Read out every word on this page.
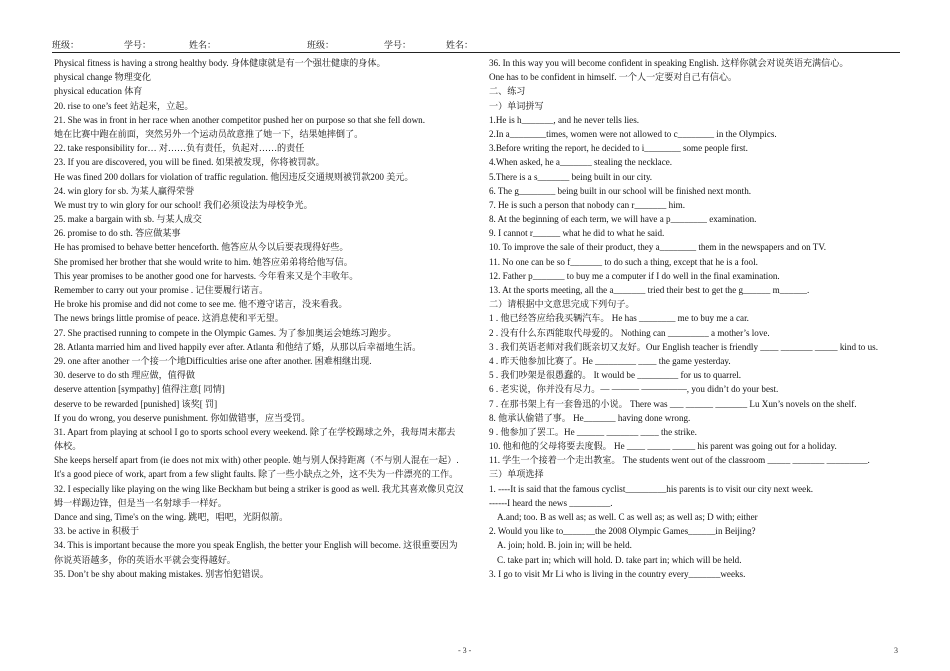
班级：	学号：	姓名：	班级：	学号：	姓名：
Physical fitness is having a strong healthy body. 身体健康就是有一个强壮健康的身体。
physical change 物理变化
physical education 体育
20. rise to one’s feet 站起来，立起。
21. She was in front in her race when another competitor pushed her on purpose so that she fell down.
她在比赛中跑在前面，突然另外一个运动员故意推了她一下，结果她摔倒了。
22. take responsibility for… 对……负有责任，负起对……的责任
23. If you are discovered, you will be fined. 如果被发现，你将被罚款。
He was fined 200 dollars for violation of traffic regulation. 他因违反交通规则被罚款200 美元。
24. win glory for sb. 为某人赢得荣誉
We must try to win glory for our school! 我们必须设法为母校争光。
25. make a bargain with sb. 与某人成交
26. promise to do sth. 答应做某事
He has promised to behave better henceforth. 他答应从今以后要表现得好些。
She promised her brother that she would write to him. 她答应弟弟将给他写信。
This year promises to be another good one for harvests. 今年看来又是个丰收年。
Remember to carry out your promise . 记住要履行诺言。
He broke his promise and did not come to see me. 他不遵守诺言，没来看我。
The news brings little promise of peace. 这消息使和平无望。
27. She practised running to compete in the Olympic Games. 为了参加奥运会她练习跑步。
28. Atlanta married him and lived happily ever after. Atlanta 和他结了婚，从那以后幸福地生活。
29. one after another 一个接一个地Difficulties arise one after another. 困难相继出现.
30. deserve to do sth 理应做，值得做
deserve attention [sympathy] 值得注意[ 同情]
deserve to be rewarded [punished] 该奖[ 罚]
If you do wrong, you deserve punishment. 你如做错事，应当受罚。
31. Apart from playing at school I go to sports school every weekend. 除了在学校踢球之外，我每周末都去体校。
She keeps herself apart from (ie does not mix with) other people. 她与别人保持距离（不与别人混在一起）.
It's a good piece of work, apart from a few slight faults. 除了一些小缺点之外，这不失为一件漂亮的工作。
32. I especially like playing on the wing like Beckham but being a striker is good as well. 我尤其喜欢像贝克汉姆一样踢边锋，但是当一名射球手一样好。
Dance and sing, Time's on the wing. 跳吧，唱吧，光阴似箭。
33. be active in 积极于
34. This is important because the more you speak English, the better your English will become. 这很重要因为你说英语越多，你的英语水平就会变得越好。
35. Don’t be shy about making mistakes. 别害怕犯错误。
36. In this way you will become confident in speaking English. 这样你就会对说英语充满信心。
One has to be confident in himself. 一个人一定要对自己有信心。
二、练习
一）单词拼写
1.He is h_______, and he never tells lies.
2.In a________times, women were not allowed to c________ in the Olympics.
3.Before writing the report, he decided to i________ some people first.
4.When asked, he a_______ stealing the necklace.
5.There is a s_______ being built in our city.
6. The g________ being built in our school will be finished next month.
7. He is such a person that nobody can r_______ him.
8. At the beginning of each term, we will have a p________ examination.
9. I cannot r______ what he did to what he said.
10. To improve the sale of their product, they a________ them in the newspapers and on TV.
11. No one can be so f_______ to do such a thing, except that he is a fool.
12. Father p_______ to buy me a computer if I do well in the final examination.
13. At the sports meeting, all the a_______ tried their best to get the g______ m______.
二）请根据中文意思完成下列句子。
1 . 他已经答应给我买辆汽车。 He has ________ me to buy me a car.
2 . 没有什么东西能取代母爱的。 Nothing can _________ a mother’s love.
3 . 我们英语老师对我们既亲切又友好。Our English teacher is friendly ____ _______ _____ kind to us.
4 . 昨天他参加比赛了。He _________ ____ the game yesterday.
5 . 我们吵架是很愚蠢的。 It would be _________ for us to quarrel.
6 . 老实说，你并没有尽力。— ——— —————, you didn’t do your best.
7 . 在那书架上有一套鲁迅的小说。 There was ___ ______ _______ Lu Xun’s novels on the shelf.
8. 他承认偷错了事。 He_______ having done wrong.
9 . 他参加了罢工。He ______ _______ ____ the strike.
10. 他和他的父母将要去度假。 He ____ _____ _____ his parent was going out for a holiday.
11. 学生一个接着一个走出教室。 The students went out of the classroom _____ _______ _________.
三）单项选择
1. ----It is said that the famous cyclist_________his parents is to visit our city next week.
------I heard the news _________.
A.and; too. B as well as; as well. C as well as; as well as; D with; either
2. Would you like to_______the 2008 Olympic Games______in Beijing?
A. join; hold. B. join in; will be held.
C. take part in; which will hold. D. take part in; which will be held.
3. I go to visit Mr Li who is living in the country every_______weeks.
- 3 -	3
